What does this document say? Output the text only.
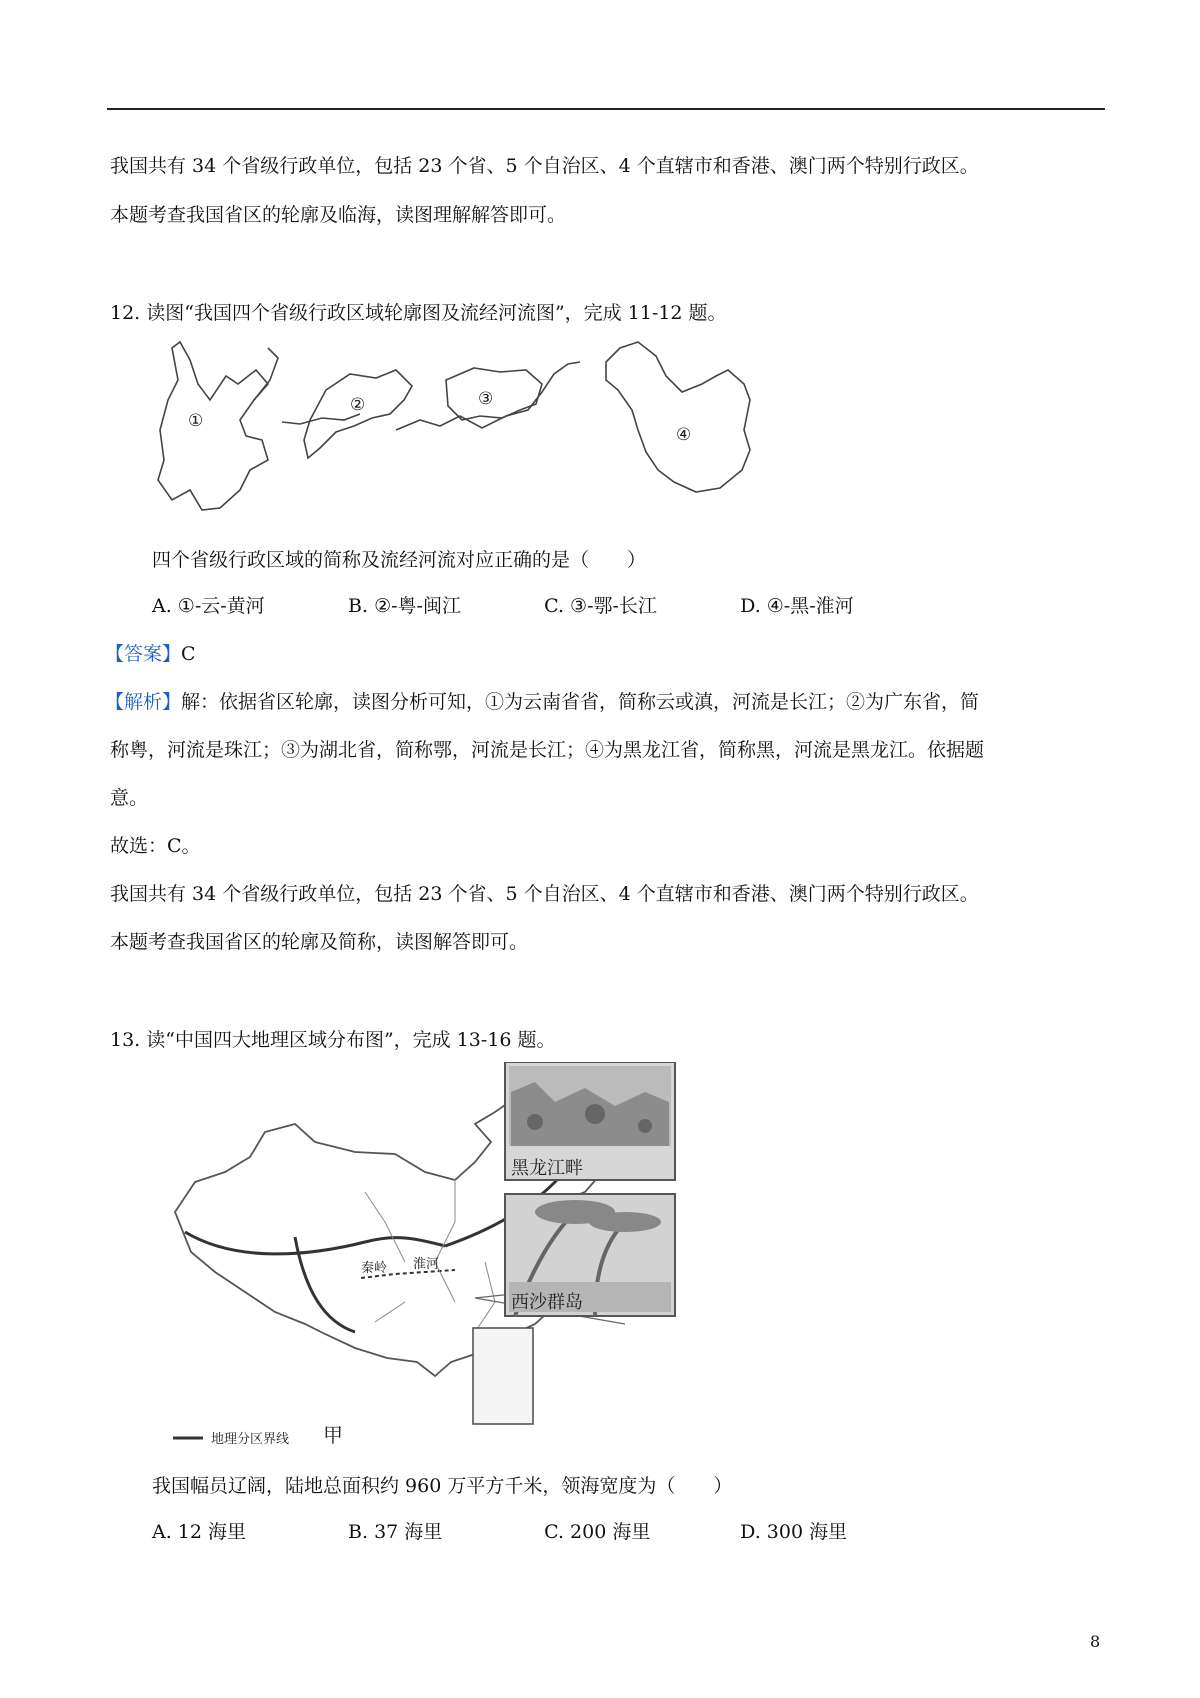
我国共有 34 个省级行政单位，包括 23 个省、5 个自治区、4 个直辖市和香港、澳门两个特别行政区。
本题考查我国省区的轮廓及临海，读图理解解答即可。
12. 读图“我国四个省级行政区域轮廓图及流经河流图”，完成 11-12 题。
①
②	③
④
四个省级行政区域的简称及流经河流对应正确的是（　　）
A. ①-云-黄河	B. ②-粤-闽江	C. ③-鄂-长江	D. ④-黑-淮河
【答案】C
【解析】解：依据省区轮廓，读图分析可知，①为云南省省，简称云或滇，河流是长江；②为广东省，简
称粤，河流是珠江；③为湖北省，简称鄂，河流是长江；④为黑龙江省，简称黑，河流是黑龙江。依据题
意。
故选：C。
我国共有 34 个省级行政单位，包括 23 个省、5 个自治区、4 个直辖市和香港、澳门两个特别行政区。
本题考查我国省区的轮廓及简称，读图解答即可。
13. 读“中国四大地理区域分布图”，完成 13-16 题。
秦岭 淮河
甲
地理分区界线
黑龙江畔
西沙群岛
我国幅员辽阔，陆地总面积约 960 万平方千米，领海宽度为（　　）
A. 12 海里	B. 37 海里	C. 200 海里	D. 300 海里
8
